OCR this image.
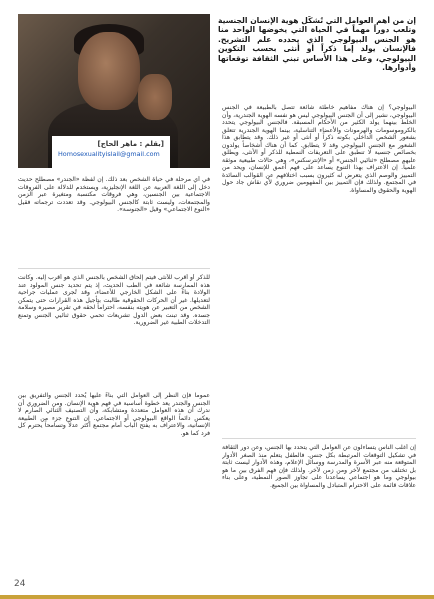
[بقلم : ماهر الحاج]
Homosexualityislail@gmail.com

إن من أهم العوامل التي تُشكّل هوية الإنسان الجنسية وتلعب دوراً مهماً في الحياة التي يخوضها الواحد منا هو الجنس البيولوجي الذي يحدده علم التشريح. فالإنسان يولد إما ذكراً أو أنثى بحسب التكوين البيولوجي، وعلى هذا الأساس تبني الثقافة توقعاتها وأدوارها.

في أي مرحلة في حياة الشخص بعد ذلك. إن لفظة «الجندر» مصطلح حديث دخل إلى اللغة العربية عن اللغة الإنجليزية، ويستخدم للدلالة على الفروقات الاجتماعية بين الجنسين، وهي فروقات مكتسبة ومتغيرة عبر الزمن والمجتمعات، وليست ثابتة كالجنس البيولوجي. وقد تعددت ترجماته فقيل «النوع الاجتماعي» وقيل «الجنوسة».

للذكر أو أقرب للأنثى فيتم إلحاق الشخص بالجنس الذي هو أقرب إليه. وكانت هذه الممارسة شائعة في الطب الحديث، إذ يتم تحديد جنس المولود عند الولادة بناءً على الشكل الخارجي للأعضاء، وقد تُجرى عمليات جراحية لتعديلها. غير أن الحركات الحقوقية طالبت بتأجيل هذه القرارات حتى يتمكن الشخص من التعبير عن هويته بنفسه، احتراماً لحقه في تقرير مصيره وسلامة جسده. وقد تبنت بعض الدول تشريعات تحمي حقوق ثنائيي الجنس وتمنع التدخلات الطبية غير الضرورية.

عموماً فإن النظر إلى العوامل التي بناءً عليها يُحدد الجنس والتفريق بين الجنس والجندر يعد خطوة أساسية في فهم هوية الإنسان. ومن الضروري أن ندرك أن هذه العوامل متعددة ومتشابكة، وأن التصنيف الثنائي الصارم لا يعكس دائماً الواقع البيولوجي أو الاجتماعي. إن التنوع جزء من الطبيعة الإنسانية، والاعتراف به يفتح الباب أمام مجتمع أكثر عدلاً وتسامحاً يحترم كل فرد كما هو.

البيولوجي؟ إن هناك مفاهيم خاطئة شائعة تتصل بالطبيعة في الجنس البيولوجي، نشير إلى أن الجنس البيولوجي ليس هو نفسه الهوية الجندرية، وأن الخلط بينهما يولد الكثير من الأحكام المسبقة. فالجنس البيولوجي يتحدد بالكروموسومات والهرمونات والأعضاء التناسلية، بينما الهوية الجندرية تتعلق بشعور الشخص الداخلي بكونه ذكراً أو أنثى أو غير ذلك. وقد يتطابق هذا الشعور مع الجنس البيولوجي وقد لا يتطابق. كما أن هناك أشخاصاً يولدون بخصائص جنسية لا تنطبق على التعريفات النمطية للذكر أو الأنثى، ويطلق عليهم مصطلح «ثنائيي الجنس» أو «الإنترسكس»، وهي حالات طبيعية موثقة علمياً. إن الاعتراف بهذا التنوع يساعد على فهم أعمق للإنسان، ويحد من التمييز والوصم الذي يتعرض له كثيرون بسبب اختلافهم عن القوالب السائدة في المجتمع. ولذلك فإن التمييز بين المفهومين ضروري لأي نقاش جاد حول الهوية والحقوق والمساواة.

إن أغلب الناس يتساءلون عن العوامل التي يتحدد بها الجنس، وعن دور الثقافة في تشكيل التوقعات المرتبطة بكل جنس. فالطفل يتعلم منذ الصغر الأدوار المتوقعة منه عبر الأسرة والمدرسة ووسائل الإعلام، وهذه الأدوار ليست ثابتة بل تختلف من مجتمع لآخر ومن زمن لآخر. ولذلك فإن فهم الفرق بين ما هو بيولوجي وما هو اجتماعي يساعدنا على تجاوز الصور النمطية، وعلى بناء علاقات قائمة على الاحترام المتبادل والمساواة بين الجميع.

24
